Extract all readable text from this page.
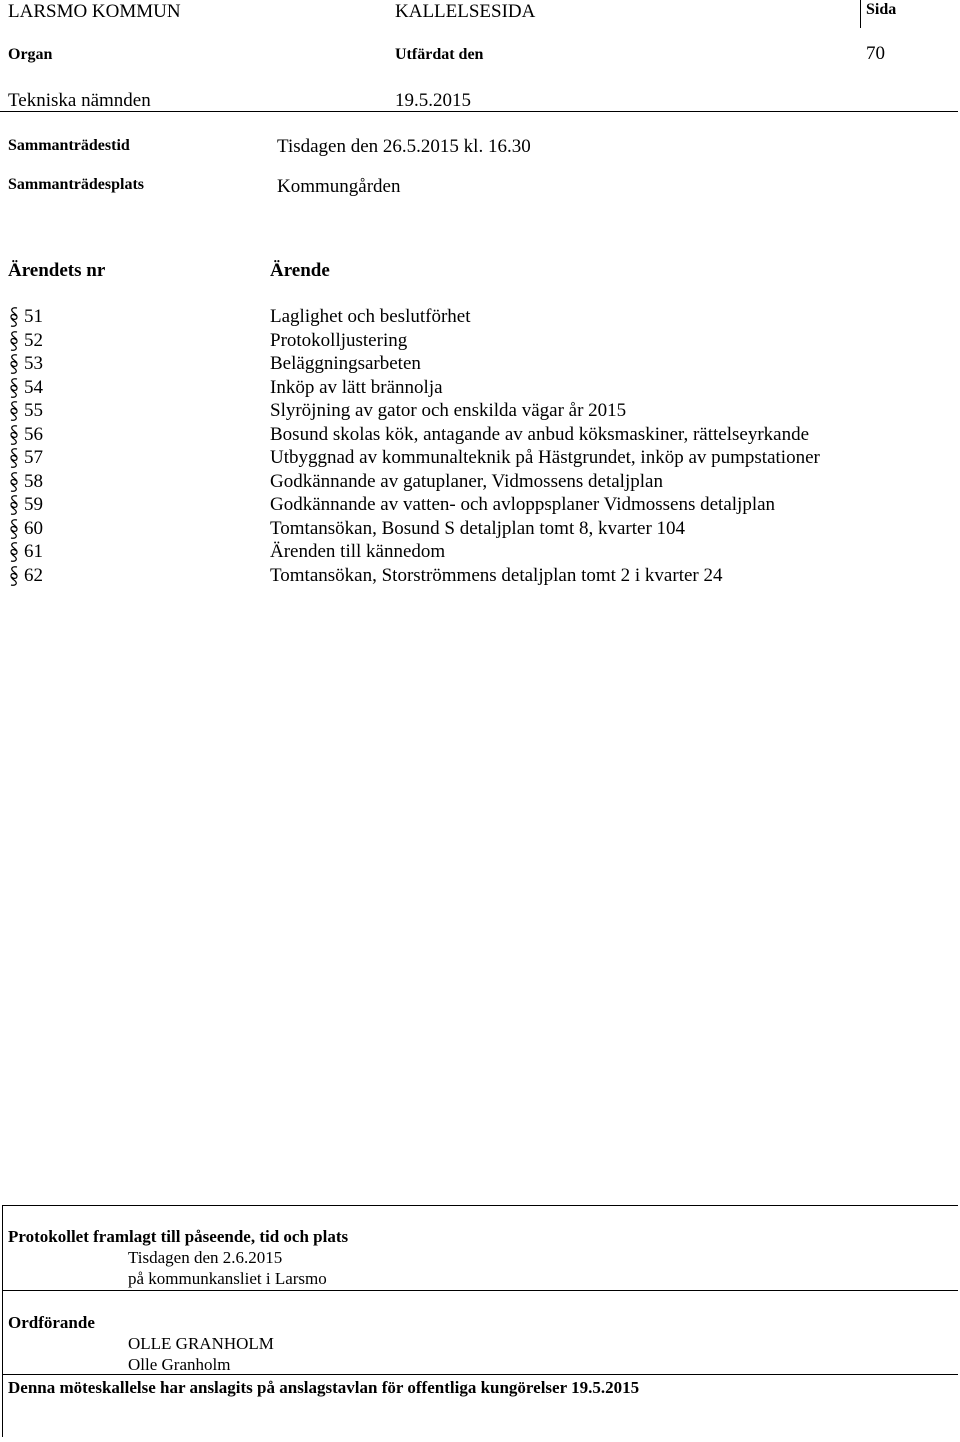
LARSMO KOMMUN	KALLELSESIDA	Sida
Organ	Utfärdat den	70
Tekniska nämnden	19.5.2015
Sammanträdestid	Tisdagen den 26.5.2015 kl. 16.30
Sammanträdesplats	Kommungården
Ärendets nr	Ärende
51	Laglighet och beslutförhet
52	Protokolljustering
53	Beläggningsarbeten
54	Inköp av lätt brännolja
55	Slyröjning av gator och enskilda vägar år 2015
56	Bosund skolas kök, antagande av anbud köksmaskiner, rättelseyrkande
57	Utbyggnad av kommunalteknik på Hästgrundet, inköp av pumpstationer
58	Godkännande av gatuplaner, Vidmossens detaljplan
59	Godkännande av vatten- och avloppsplaner Vidmossens detaljplan
60	Tomtansökan, Bosund S detaljplan tomt 8, kvarter 104
61	Ärenden till kännedom
62	Tomtansökan, Storströmmens detaljplan tomt 2 i kvarter 24
Protokollet framlagt till påseende, tid och plats
Tisdagen den 2.6.2015
på kommunkansliet i Larsmo
Ordförande
OLLE GRANHOLM
Olle Granholm
Denna möteskallelse har anslagits på anslagstavlan för offentliga kungörelser 19.5.2015
